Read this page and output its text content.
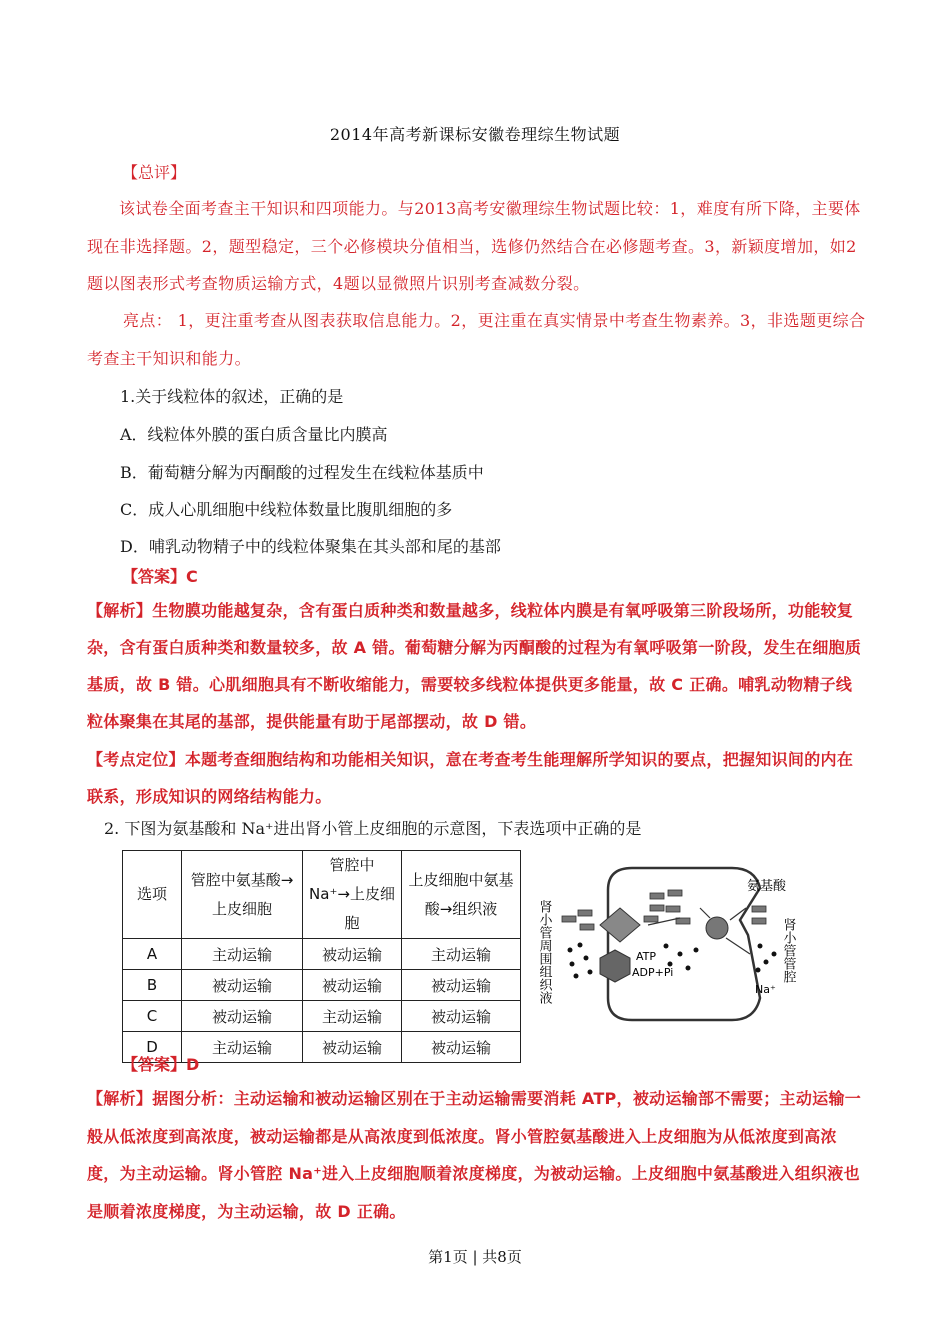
2014年高考新课标安徽卷理综生物试题
【总评】
该试卷全面考查主干知识和四项能力。与2013高考安徽理综生物试题比较：1，难度有所下降，主要体现在非选择题。2，题型稳定，三个必修模块分值相当，选修仍然结合在必修题考查。3，新颖度增加，如2题以图表形式考查物质运输方式，4题以显微照片识别考查减数分裂。
亮点： 1，更注重考查从图表获取信息能力。2，更注重在真实情景中考查生物素养。3，非选题更综合考查主干知识和能力。
1.关于线粒体的叙述，正确的是
A．线粒体外膜的蛋白质含量比内膜高
B．葡萄糖分解为丙酮酸的过程发生在线粒体基质中
C．成人心肌细胞中线粒体数量比腹肌细胞的多
D．哺乳动物精子中的线粒体聚集在其头部和尾的基部
【答案】C
【解析】生物膜功能越复杂，含有蛋白质种类和数量越多，线粒体内膜是有氧呼吸第三阶段场所，功能较复杂，含有蛋白质种类和数量较多，故 A 错。葡萄糖分解为丙酮酸的过程为有氧呼吸第一阶段，发生在细胞质基质，故 B 错。心肌细胞具有不断收缩能力，需要较多线粒体提供更多能量，故 C 正确。哺乳动物精子线粒体聚集在其尾的基部，提供能量有助于尾部摆动，故 D 错。
【考点定位】本题考查细胞结构和功能相关知识，意在考查考生能理解所学知识的要点，把握知识间的内在联系，形成知识的网络结构能力。
2. 下图为氨基酸和 Na⁺进出肾小管上皮细胞的示意图，下表选项中正确的是
选项	管腔中氨基酸→上皮细胞	管腔中 Na⁺→上皮细胞	上皮细胞中氨基酸→组织液
A	主动运输	被动运输	主动运输
B	被动运输	被动运输	被动运输
C	被动运输	主动运输	被动运输
D	主动运输	被动运输	被动运输
肾小管周围组织液	肾小管管腔
氨基酸
ATP
ADP+Pi
Na⁺
【答案】D
【解析】据图分析：主动运输和被动运输区别在于主动运输需要消耗 ATP，被动运输部不需要；主动运输一般从低浓度到高浓度，被动运输都是从高浓度到低浓度。肾小管腔氨基酸进入上皮细胞为从低浓度到高浓度，为主动运输。肾小管腔 Na⁺进入上皮细胞顺着浓度梯度，为被动运输。上皮细胞中氨基酸进入组织液也是顺着浓度梯度，为主动运输，故 D 正确。
第1页 | 共8页
